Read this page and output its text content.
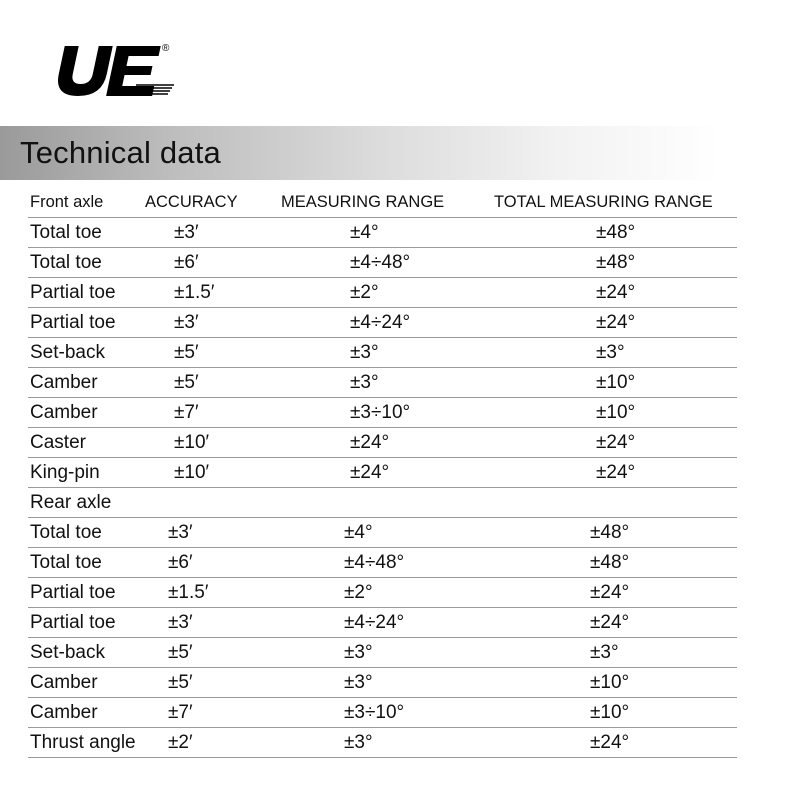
®
Technical data
Front axle	ACCURACY	MEASURING RANGE	TOTAL MEASURING RANGE
Total toe	±3′	±4°	±48°
Total toe	±6′	±4÷48°	±48°
Partial toe	±1.5′	±2°	±24°
Partial toe	±3′	±4÷24°	±24°
Set-back	±5′	±3°	±3°
Camber	±5′	±3°	±10°
Camber	±7′	±3÷10°	±10°
Caster	±10′	±24°	±24°
King-pin	±10′	±24°	±24°
Rear axle
Total toe	±3′	±4°	±48°
Total toe	±6′	±4÷48°	±48°
Partial toe	±1.5′	±2°	±24°
Partial toe	±3′	±4÷24°	±24°
Set-back	±5′	±3°	±3°
Camber	±5′	±3°	±10°
Camber	±7′	±3÷10°	±10°
Thrust angle ±2′	±3°	±24°
